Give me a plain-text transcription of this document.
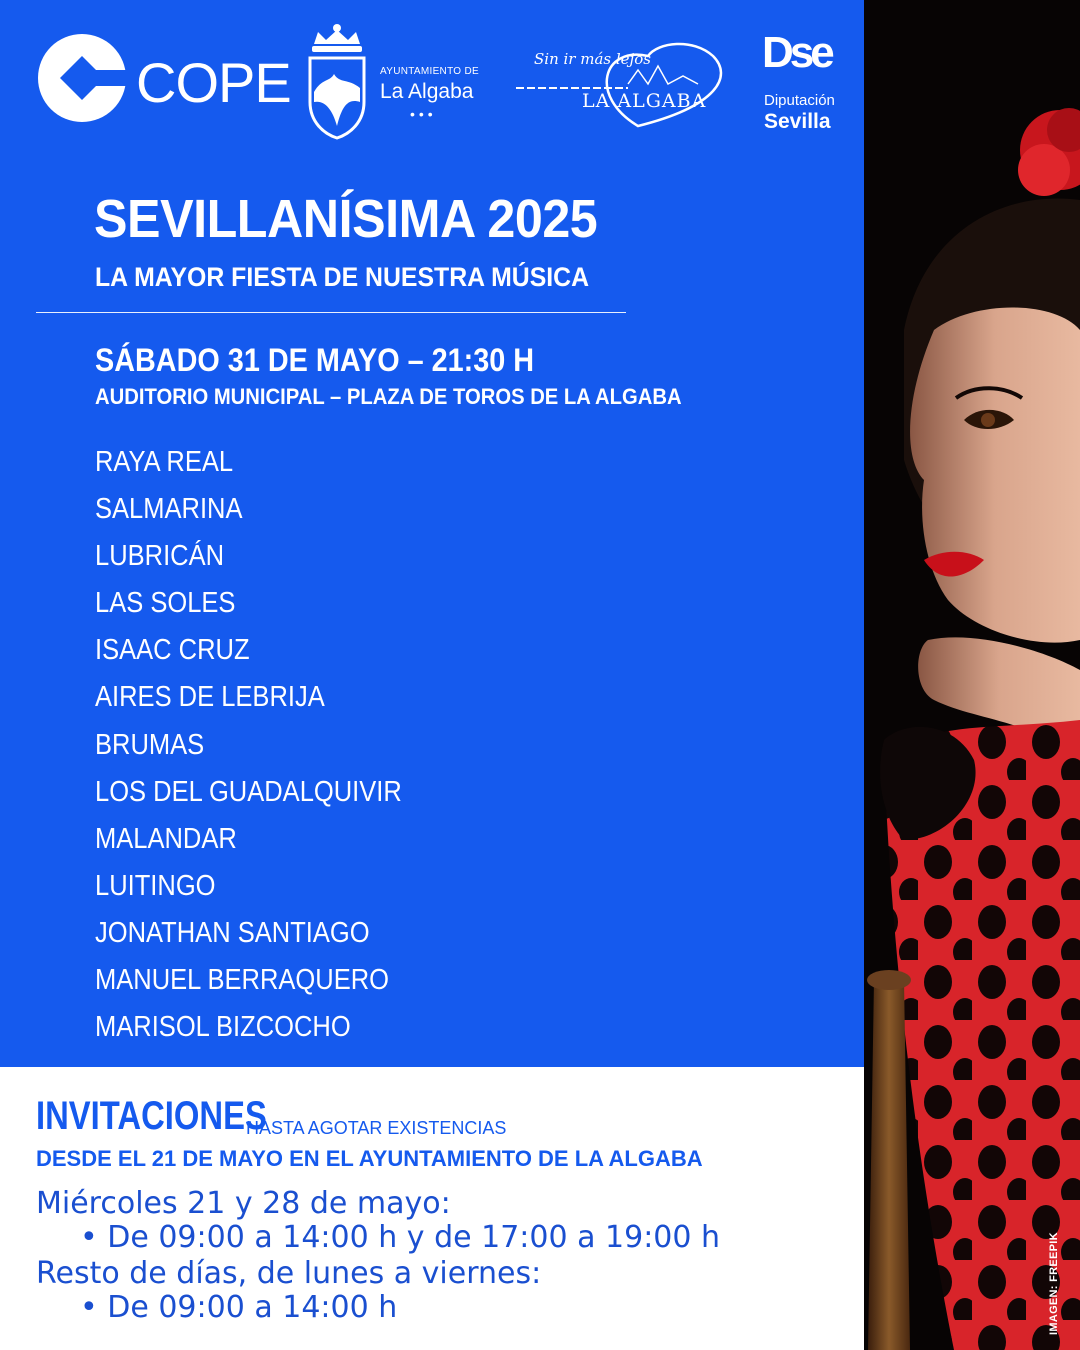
COPE	AYUNTAMIENTO DE
La Algaba
•••
Sin ir más lejos
LA ALGABA
Dse
Diputación
Sevilla
SEVILLANÍSIMA 2025
LA MAYOR FIESTA DE NUESTRA MÚSICA
SÁBADO 31 DE MAYO – 21:30 H
AUDITORIO MUNICIPAL – PLAZA DE TOROS DE LA ALGABA
RAYA REAL
SALMARINA
LUBRICÁN
LAS SOLES
ISAAC CRUZ
AIRES DE LEBRIJA
BRUMAS
LOS DEL GUADALQUIVIR
MALANDAR
LUITINGO
JONATHAN SANTIAGO
MANUEL BERRAQUERO
MARISOL BIZCOCHO
INVITACIONES
HASTA AGOTAR EXISTENCIAS
DESDE EL 21 DE MAYO EN EL AYUNTAMIENTO DE LA ALGABA
Miércoles 21 y 28 de mayo:
• De 09:00 a 14:00 h y de 17:00 a 19:00 h
Resto de días, de lunes a viernes:
• De 09:00 a 14:00 h	IMAGEN: FREEPIK
